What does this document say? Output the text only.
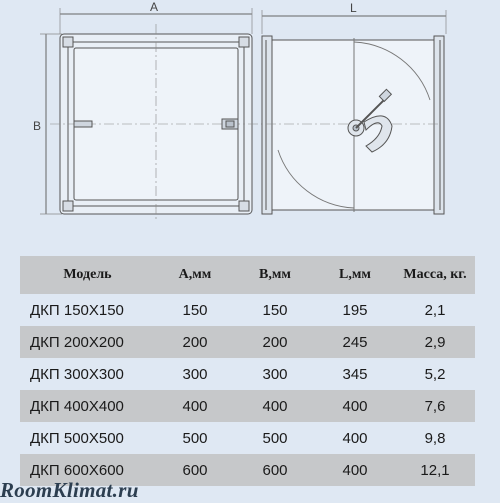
A
B
L
Модель	A,мм	B,мм	L,мм	Масса, кг.
ДКП 150Х150	150	150	195	2,1
ДКП 200Х200	200	200	245	2,9
ДКП 300Х300	300	300	345	5,2
ДКП 400Х400	400	400	400	7,6
ДКП 500Х500	500	500	400	9,8
ДКП 600Х600	600	600	400	12,1
RoomKlimat.ru
